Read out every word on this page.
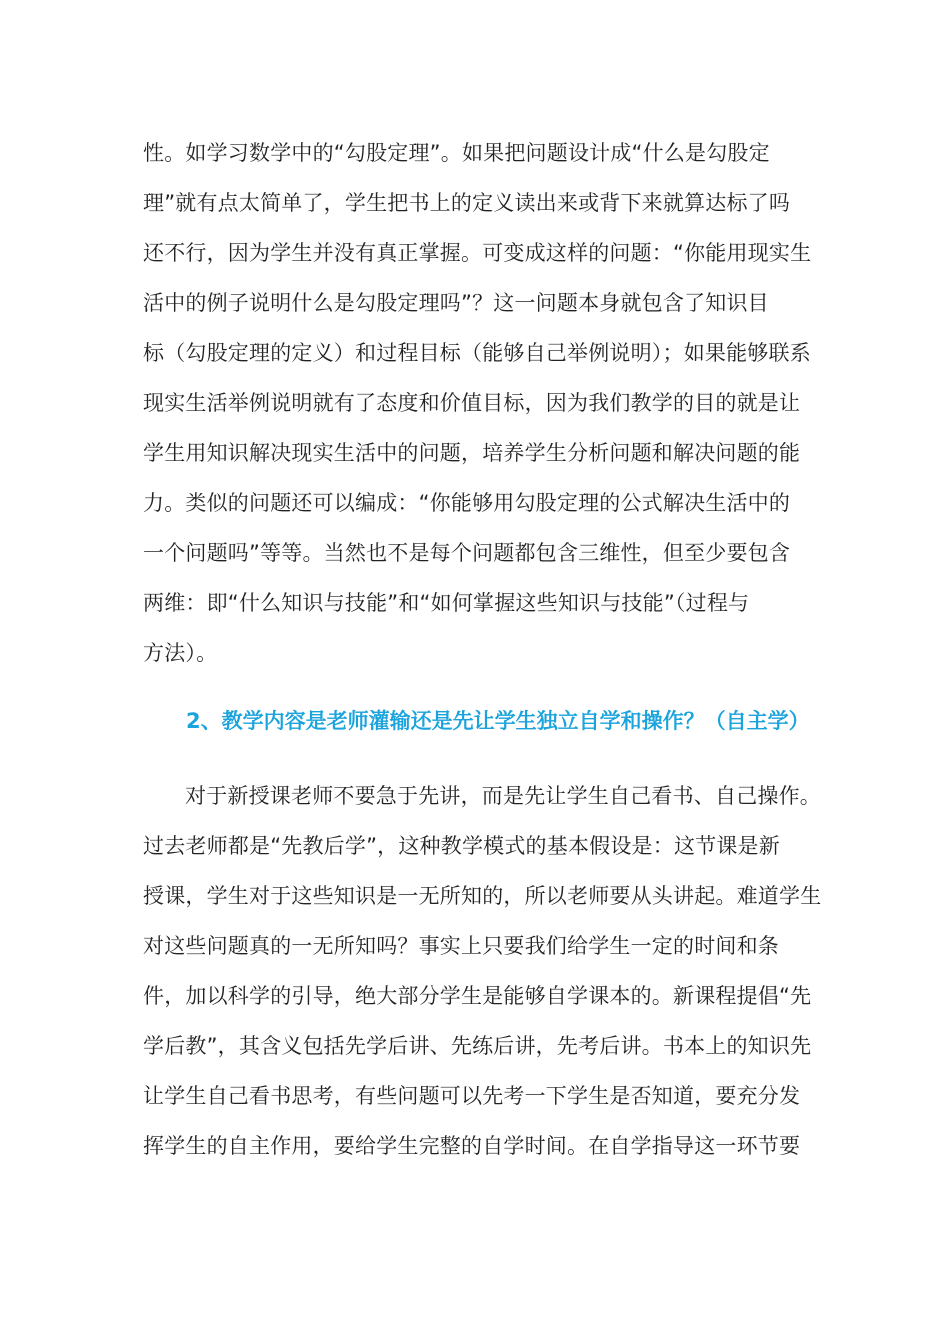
性。如学习数学中的“勾股定理”。如果把问题设计成“什么是勾股定
理”就有点太简单了，学生把书上的定义读出来或背下来就算达标了吗
还不行，因为学生并没有真正掌握。可变成这样的问题：“你能用现实生
活中的例子说明什么是勾股定理吗”？这一问题本身就包含了知识目
标（勾股定理的定义）和过程目标（能够自己举例说明）；如果能够联系
现实生活举例说明就有了态度和价值目标，因为我们教学的目的就是让
学生用知识解决现实生活中的问题，培养学生分析问题和解决问题的能
力。类似的问题还可以编成：“你能够用勾股定理的公式解决生活中的
一个问题吗”等等。当然也不是每个问题都包含三维性，但至少要包含
两维：即“什么知识与技能”和“如何掌握这些知识与技能”（过程与
方法）。
2、教学内容是老师灌输还是先让学生独立自学和操作？（自主学）
对于新授课老师不要急于先讲，而是先让学生自己看书、自己操作。
过去老师都是“先教后学”，这种教学模式的基本假设是：这节课是新
授课，学生对于这些知识是一无所知的，所以老师要从头讲起。难道学生
对这些问题真的一无所知吗？事实上只要我们给学生一定的时间和条
件，加以科学的引导，绝大部分学生是能够自学课本的。新课程提倡“先
学后教”，其含义包括先学后讲、先练后讲，先考后讲。书本上的知识先
让学生自己看书思考，有些问题可以先考一下学生是否知道，要充分发
挥学生的自主作用，要给学生完整的自学时间。在自学指导这一环节要
